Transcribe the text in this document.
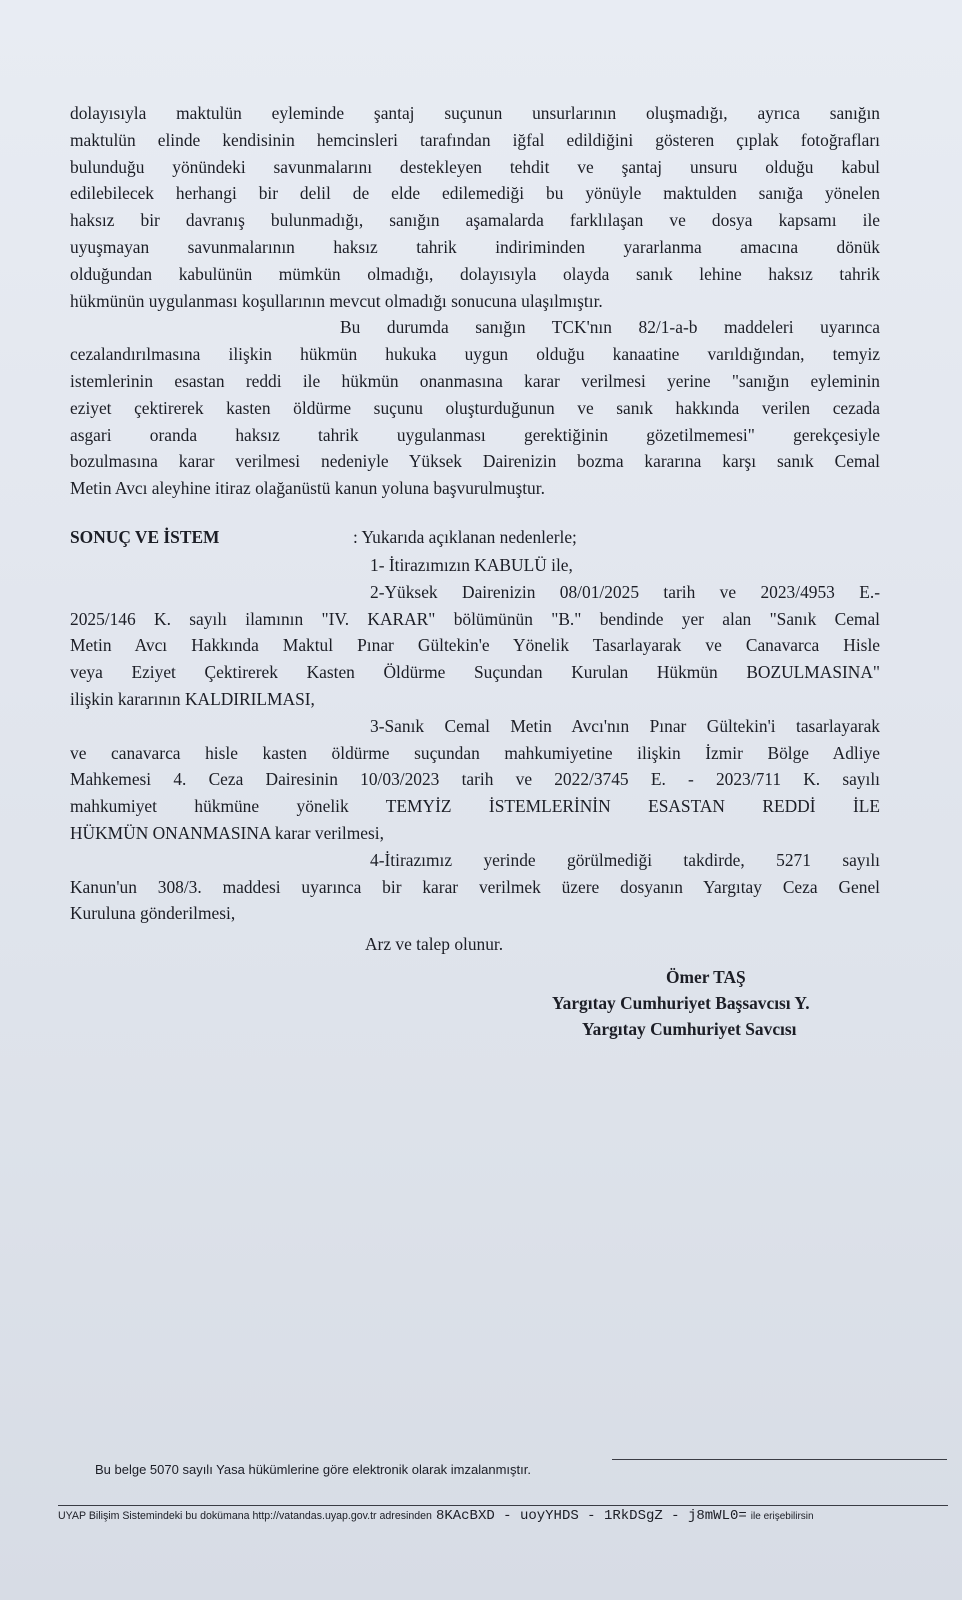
dolayısıyla maktulün eyleminde şantaj suçunun unsurlarının oluşmadığı, ayrıca sanığın

maktulün elinde kendisinin hemcinsleri tarafından iğfal edildiğini gösteren çıplak fotoğrafları

bulunduğu yönündeki savunmalarını destekleyen tehdit ve şantaj unsuru olduğu kabul

edilebilecek herhangi bir delil de elde edilemediği bu yönüyle maktulden sanığa yönelen

haksız bir davranış bulunmadığı, sanığın aşamalarda farklılaşan ve dosya kapsamı ile

uyuşmayan savunmalarının haksız tahrik indiriminden yararlanma amacına dönük

olduğundan kabulünün mümkün olmadığı, dolayısıyla olayda sanık lehine haksız tahrik

hükmünün uygulanması koşullarının mevcut olmadığı sonucuna ulaşılmıştır.

Bu durumda sanığın TCK'nın 82/1-a-b maddeleri uyarınca

cezalandırılmasına ilişkin hükmün hukuka uygun olduğu kanaatine varıldığından, temyiz

istemlerinin esastan reddi ile hükmün onanmasına karar verilmesi yerine "sanığın eyleminin

eziyet çektirerek kasten öldürme suçunu oluşturduğunun ve sanık hakkında verilen cezada

asgari oranda haksız tahrik uygulanması gerektiğinin gözetilmemesi" gerekçesiyle

bozulmasına karar verilmesi nedeniyle Yüksek Dairenizin bozma kararına karşı sanık Cemal

Metin Avcı aleyhine itiraz olağanüstü kanun yoluna başvurulmuştur.

SONUÇ VE İSTEM	: Yukarıda açıklanan nedenlerle;

1- İtirazımızın KABULÜ ile,

2-Yüksek Dairenizin 08/01/2025 tarih ve 2023/4953 E.-

2025/146 K. sayılı ilamının "IV. KARAR" bölümünün "B." bendinde yer alan "Sanık Cemal

Metin Avcı Hakkında Maktul Pınar Gültekin'e Yönelik Tasarlayarak ve Canavarca Hisle

veya Eziyet Çektirerek Kasten Öldürme Suçundan Kurulan Hükmün BOZULMASINA"

ilişkin kararının KALDIRILMASI,

3-Sanık Cemal Metin Avcı'nın Pınar Gültekin'i tasarlayarak

ve canavarca hisle kasten öldürme suçundan mahkumiyetine ilişkin İzmir Bölge Adliye

Mahkemesi 4. Ceza Dairesinin 10/03/2023 tarih ve 2022/3745 E. - 2023/711 K. sayılı

mahkumiyet hükmüne yönelik TEMYİZ İSTEMLERİNİN ESASTAN REDDİ İLE

HÜKMÜN ONANMASINA karar verilmesi,

4-İtirazımız yerinde görülmediği takdirde, 5271 sayılı

Kanun'un 308/3. maddesi uyarınca bir karar verilmek üzere dosyanın Yargıtay Ceza Genel

Kuruluna gönderilmesi,

Arz ve talep olunur.

Ömer TAŞ
Yargıtay Cumhuriyet Başsavcısı Y.
Yargıtay Cumhuriyet Savcısı
Bu belge 5070 sayılı Yasa hükümlerine göre elektronik olarak imzalanmıştır.
UYAP Bilişim Sistemindeki bu dokümana http://vatandas.uyap.gov.tr adresinden 8KAcBXD - uoyYHDS - 1RkDSgZ - j8mWL0= ile erişebilirsin
